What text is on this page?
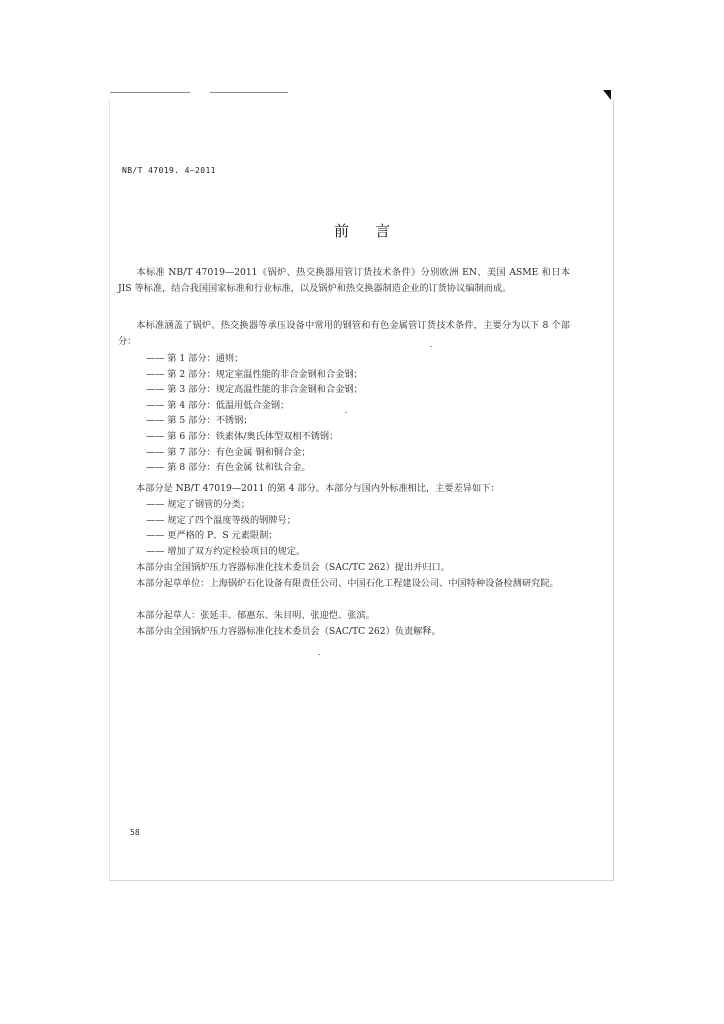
NB/T 47019. 4—2011
前言
本标准 NB/T 47019—2011《锅炉、热交换器用管订货技术条件》分别欧洲 EN、美国 ASME 和日本 JIS 等标准，结合我国国家标准和行业标准，以及锅炉和热交换器制造企业的订货协议编制而成。
本标准涵盖了锅炉、热交换器等承压设备中常用的钢管和有色金属管订货技术条件，主要分为以下 8 个部分：
—— 第 1 部分：通则；
—— 第 2 部分：规定室温性能的非合金钢和合金钢；
—— 第 3 部分：规定高温性能的非合金钢和合金钢；
—— 第 4 部分：低温用低合金钢；
—— 第 5 部分：不锈钢；
—— 第 6 部分：铁素体/奥氏体型双相不锈钢；
—— 第 7 部分：有色金属 铜和铜合金；
—— 第 8 部分：有色金属 钛和钛合金。
本部分是 NB/T 47019—2011 的第 4 部分。本部分与国内外标准相比，主要差异如下：
—— 规定了钢管的分类；
—— 规定了四个温度等级的钢牌号；
—— 更严格的 P、S 元素限制；
—— 增加了双方约定检验项目的规定。
本部分由全国锅炉压力容器标准化技术委员会（SAC/TC 262）提出并归口。
本部分起草单位：上海锅炉石化设备有限责任公司、中国石化工程建设公司、中国特种设备检测研究院。
本部分起草人：张延丰、郁惠东、朱目明、张迎恺、张滨。
本部分由全国锅炉压力容器标准化技术委员会（SAC/TC 262）负责解释。
58
